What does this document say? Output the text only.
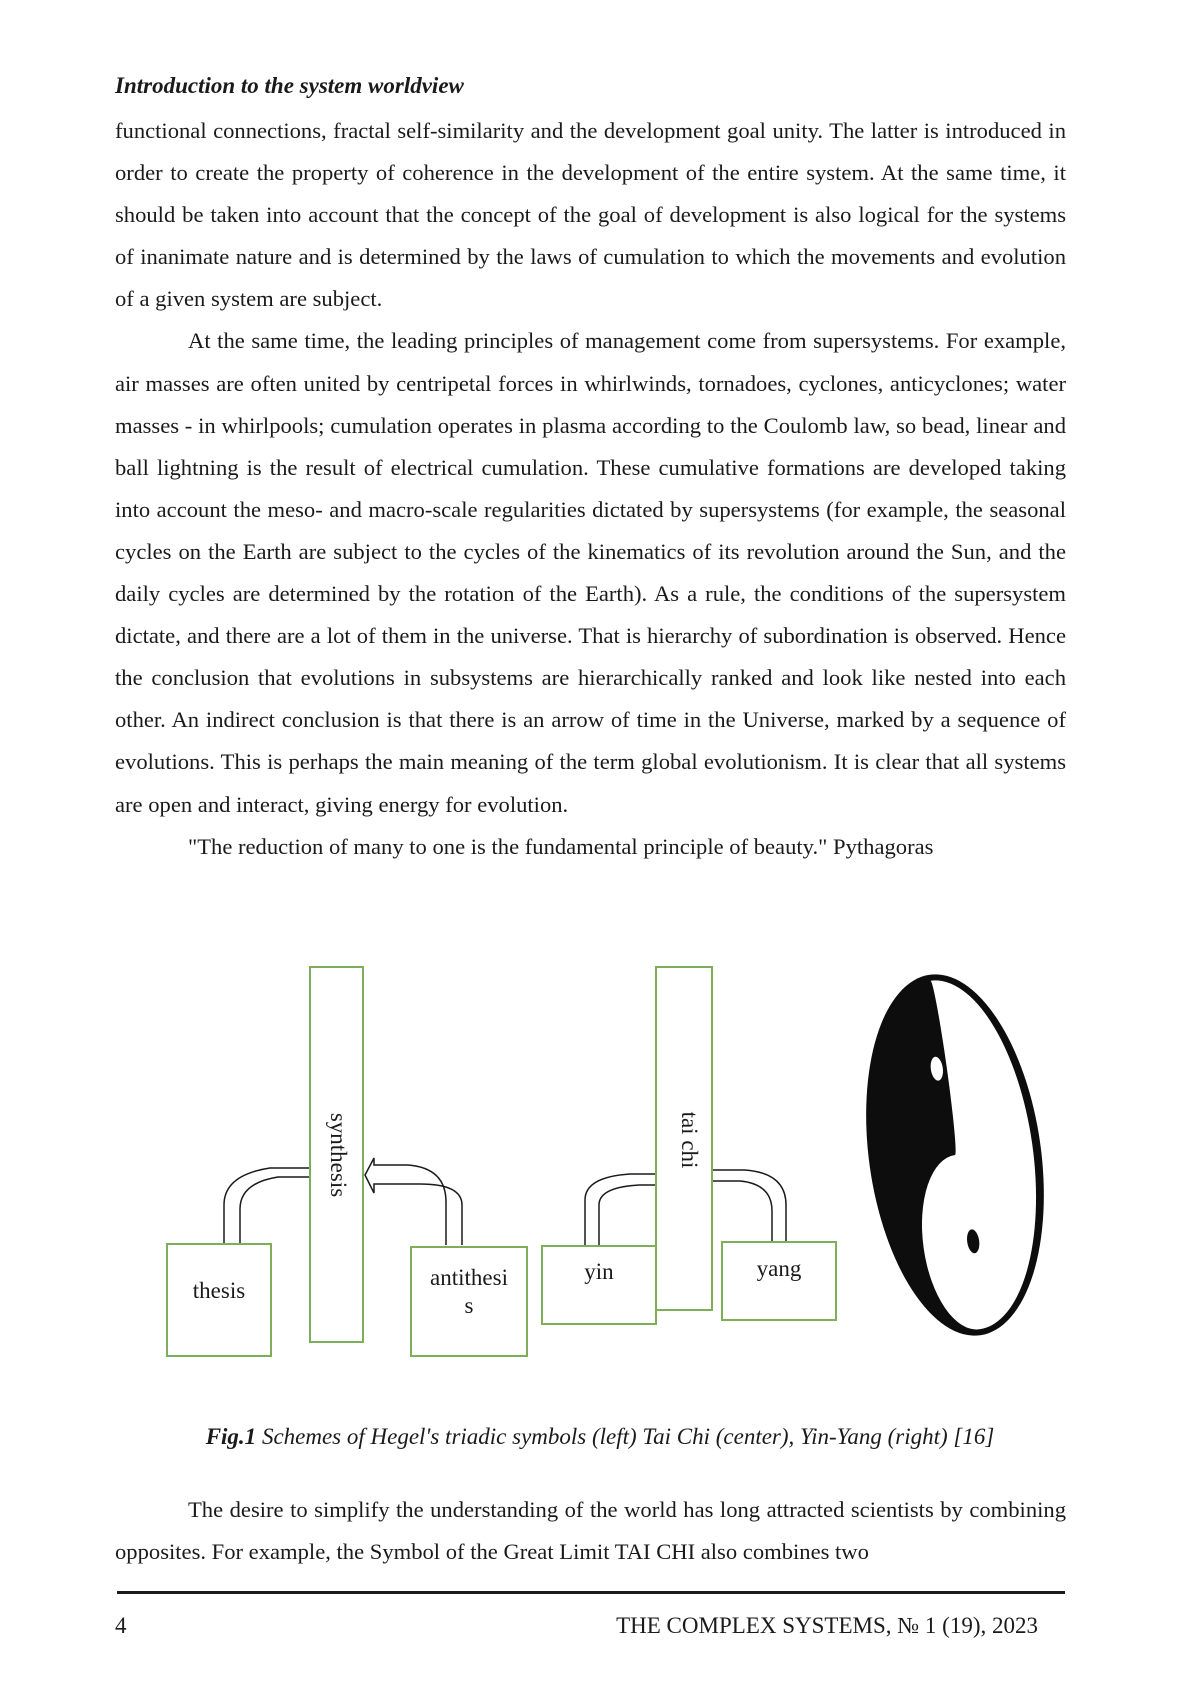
Introduction to the system worldview

functional connections, fractal self-similarity and the development goal unity. The latter is introduced in order to create the property of coherence in the development of the entire system. At the same time, it should be taken into account that the concept of the goal of development is also logical for the systems of inanimate nature and is determined by the laws of cumulation to which the movements and evolution of a given system are subject.

At the same time, the leading principles of management come from supersystems. For example, air masses are often united by centripetal forces in whirlwinds, tornadoes, cyclones, anticyclones; water masses - in whirlpools; cumulation operates in plasma according to the Coulomb law, so bead, linear and ball lightning is the result of electrical cumulation. These cumulative formations are developed taking into account the meso- and macro-scale regularities dictated by supersystems (for example, the seasonal cycles on the Earth are subject to the cycles of the kinematics of its revolution around the Sun, and the daily cycles are determined by the rotation of the Earth). As a rule, the conditions of the supersystem dictate, and there are a lot of them in the universe. That is hierarchy of subordination is observed. Hence the conclusion that evolutions in subsystems are hierarchically ranked and look like nested into each other. An indirect conclusion is that there is an arrow of time in the Universe, marked by a sequence of evolutions. This is perhaps the main meaning of the term global evolutionism. It is clear that all systems are open and interact, giving energy for evolution.

"The reduction of many to one is the fundamental principle of beauty." Pythagoras

thesis
synthesis
antithesi
s
yin
tai chi
yang
Fig.1 Schemes of Hegel's triadic symbols (left) Tai Chi (center), Yin-Yang (right) [16]

The desire to simplify the understanding of the world has long attracted scientists by combining opposites. For example, the Symbol of the Great Limit TAI CHI also combines two

4	THE COMPLEX SYSTEMS, № 1 (19), 2023
